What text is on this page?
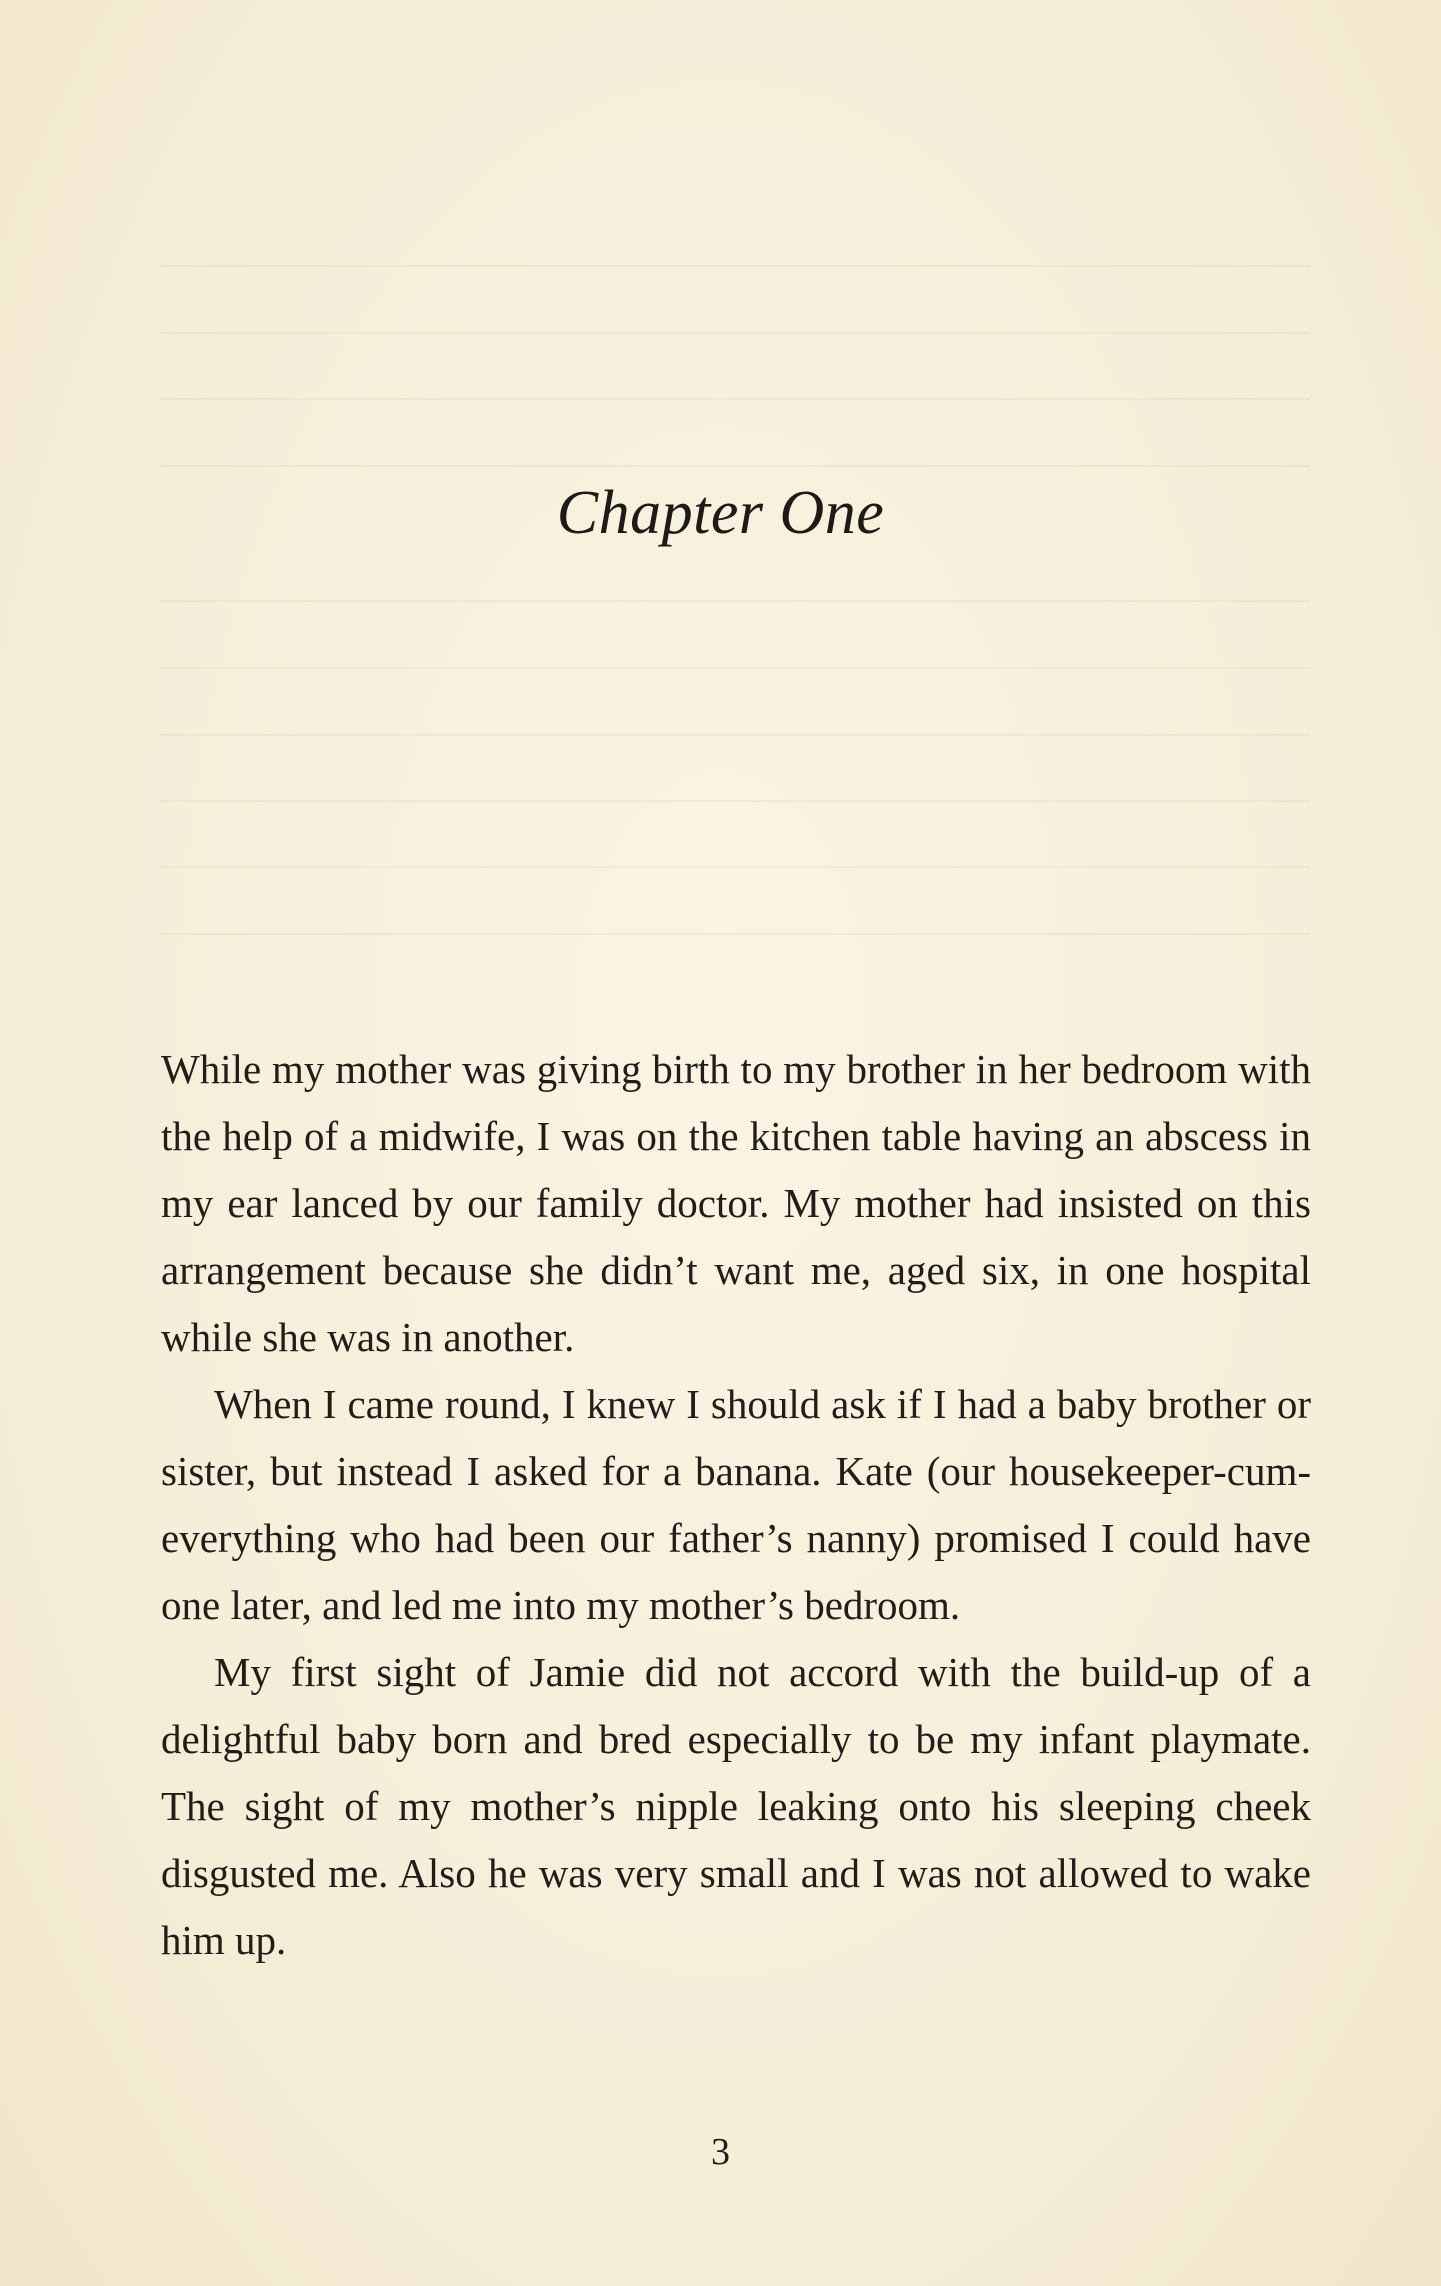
Chapter One

While my mother was giving birth to my brother in her bedroom with the help of a midwife, I was on the kitchen table having an abscess in my ear lanced by our family doctor. My mother had insisted on this arrangement because she didn’t want me, aged six, in one hospital while she was in another.

When I came round, I knew I should ask if I had a baby brother or sister, but instead I asked for a banana. Kate (our housekeeper-cum-everything who had been our father’s nanny) promised I could have one later, and led me into my mother’s bedroom.

My first sight of Jamie did not accord with the build-up of a delightful baby born and bred especially to be my infant playmate. The sight of my mother’s nipple leaking onto his sleeping cheek disgusted me. Also he was very small and I was not allowed to wake him up.

3
